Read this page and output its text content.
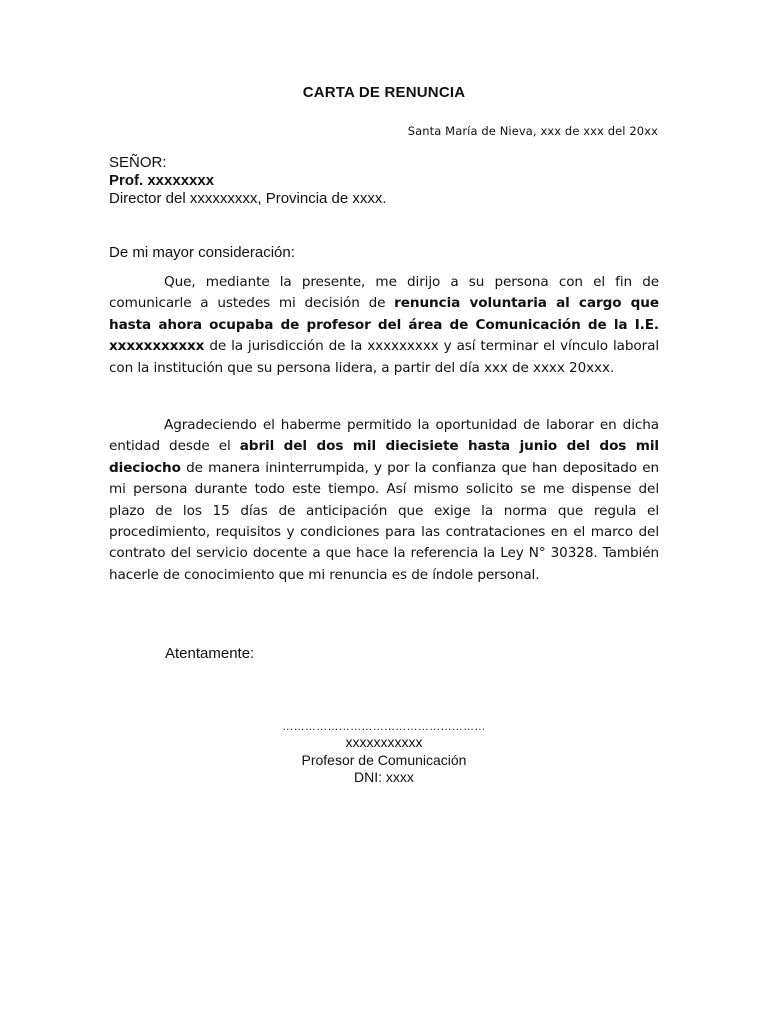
CARTA DE RENUNCIA
Santa María de Nieva, xxx de xxx del 20xx
SEÑOR:
Prof. xxxxxxxx
Director del xxxxxxxxx, Provincia de xxxx.
De mi mayor consideración:

Que, mediante la presente, me dirijo a su persona con el fin de comunicarle a ustedes mi decisión de renuncia voluntaria al cargo que hasta ahora ocupaba de profesor del área de Comunicación de la I.E. xxxxxxxxxxx de la jurisdicción de la xxxxxxxxx y así terminar el vínculo laboral con la institución que su persona lidera, a partir del día xxx de xxxx 20xxx.

Agradeciendo el haberme permitido la oportunidad de laborar en dicha entidad desde el abril del dos mil diecisiete hasta junio del dos mil dieciocho de manera ininterrumpida, y por la confianza que han depositado en mi persona durante todo este tiempo. Así mismo solicito se me dispense del plazo de los 15 días de anticipación que exige la norma que regula el procedimiento, requisitos y condiciones para las contrataciones en el marco del contrato del servicio docente a que hace la referencia la Ley N° 30328. También hacerle de conocimiento que mi renuncia es de índole personal.

Atentamente:
………………………………………………
xxxxxxxxxxx
Profesor de Comunicación
DNI: xxxx
